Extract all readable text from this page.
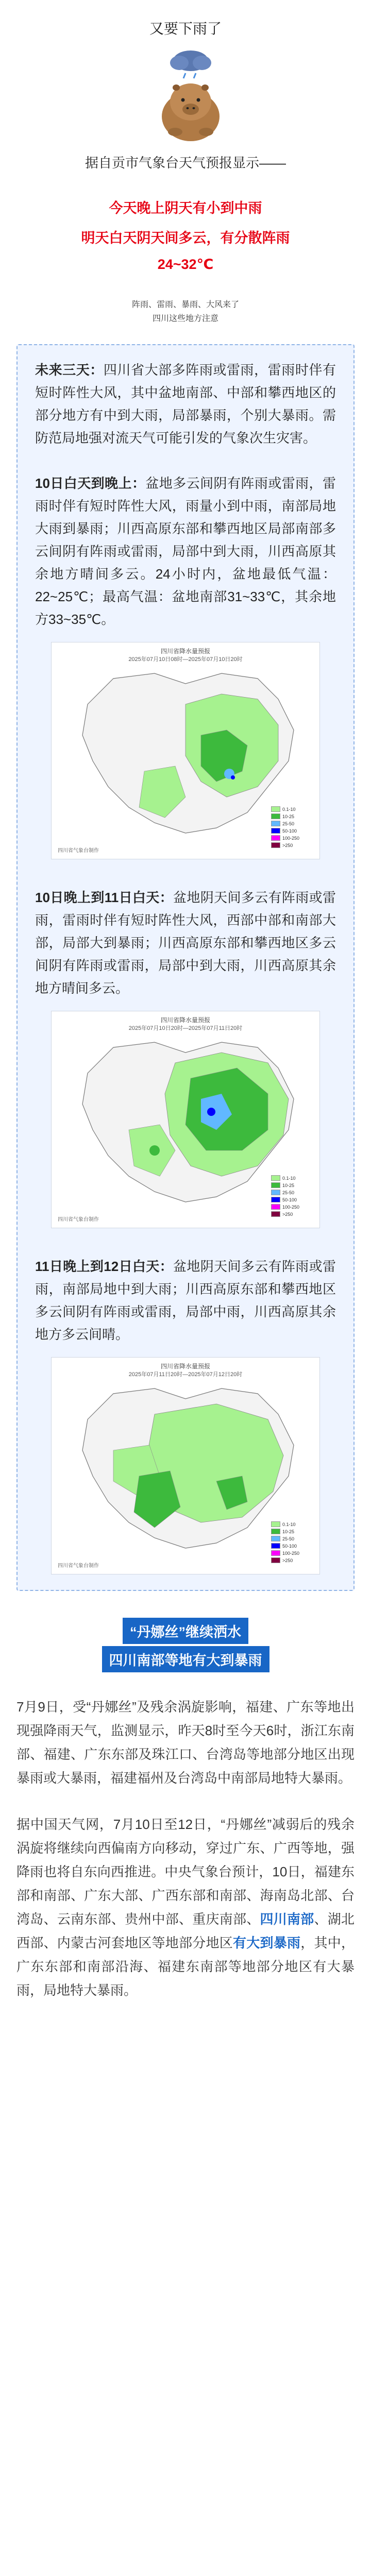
又要下雨了
据自贡市气象台天气预报显示——
今天晚上阴天有小到中雨
明天白天阴天间多云，有分散阵雨
24~32℃
阵雨、雷雨、暴雨、大风来了
四川这些地方注意
未来三天：四川省大部多阵雨或雷雨，雷雨时伴有短时阵性大风，其中盆地南部、中部和攀西地区的部分地方有中到大雨，局部暴雨，个别大暴雨。需防范局地强对流天气可能引发的气象次生灾害。
10日白天到晚上：盆地多云间阴有阵雨或雷雨，雷雨时伴有短时阵性大风，雨量小到中雨，南部局地大雨到暴雨；川西高原东部和攀西地区局部南部多云间阴有阵雨或雷雨，局部中到大雨，川西高原其余地方晴间多云。24小时内，盆地最低气温：22~25℃；最高气温：盆地南部31~33℃，其余地方33~35℃。
四川省降水量预报
2025年07月10日08时—2025年07月10日20时
四川省气象台制作
0.1-10
10-25
25-50
50-100
100-250
>250
10日晚上到11日白天：盆地阴天间多云有阵雨或雷雨，雷雨时伴有短时阵性大风，西部中部和南部大部，局部大到暴雨；川西高原东部和攀西地区多云间阴有阵雨或雷雨，局部中到大雨，川西高原其余地方晴间多云。
四川省降水量预报
2025年07月10日20时—2025年07月11日20时
四川省气象台制作
0.1-10
10-25
25-50
50-100
100-250
>250
11日晚上到12日白天：盆地阴天间多云有阵雨或雷雨，南部局地中到大雨；川西高原东部和攀西地区多云间阴有阵雨或雷雨，局部中雨，川西高原其余地方多云间晴。
四川省降水量预报
2025年07月11日20时—2025年07月12日20时
四川省气象台制作
0.1-10
10-25
25-50
50-100
100-250
>250
“丹娜丝”继续洒水
四川南部等地有大到暴雨
7月9日，受“丹娜丝”及残余涡旋影响，福建、广东等地出现强降雨天气，监测显示，昨天8时至今天6时，浙江东南部、福建、广东东部及珠江口、台湾岛等地部分地区出现暴雨或大暴雨，福建福州及台湾岛中南部局地特大暴雨。
据中国天气网，7月10日至12日，“丹娜丝”减弱后的残余涡旋将继续向西偏南方向移动，穿过广东、广西等地，强降雨也将自东向西推进。中央气象台预计，10日，福建东部和南部、广东大部、广西东部和南部、海南岛北部、台湾岛、云南东部、贵州中部、重庆南部、四川南部、湖北西部、内蒙古河套地区等地部分地区有大到暴雨，其中，广东东部和南部沿海、福建东南部等地部分地区有大暴雨，局地特大暴雨。
